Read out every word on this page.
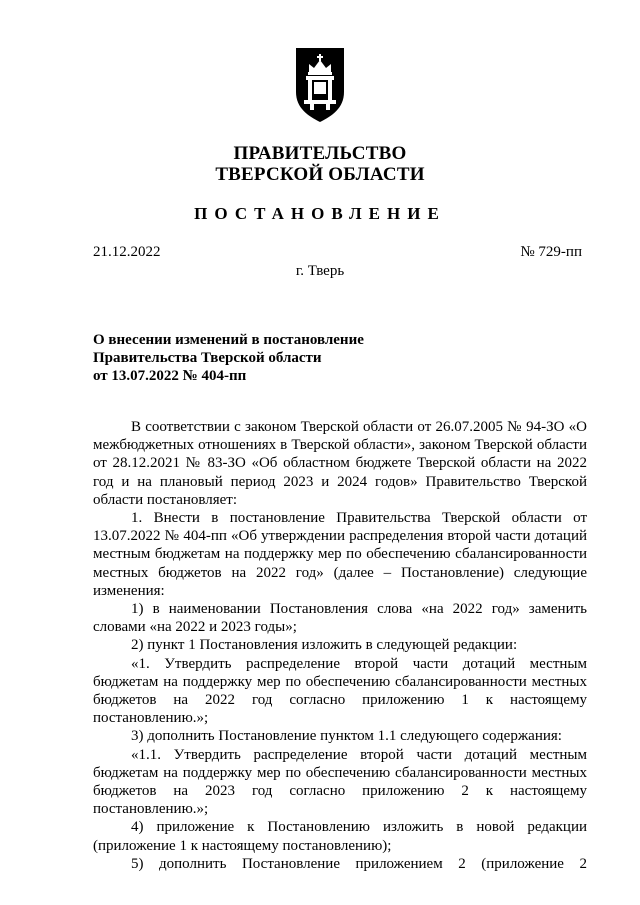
ПРАВИТЕЛЬСТВО
ТВЕРСКОЙ ОБЛАСТИ
ПОСТАНОВЛЕНИЕ
21.12.2022	№ 729-пп
г. Тверь
О внесении изменений в постановление
Правительства Тверской области
от 13.07.2022 № 404-пп

В соответствии с законом Тверской области от 26.07.2005 № 94-ЗО «О межбюджетных отношениях в Тверской области», законом Тверской области от 28.12.2021 № 83-ЗО «Об областном бюджете Тверской области на 2022 год и на плановый период 2023 и 2024 годов» Правительство Тверской области постановляет:

1. Внести в постановление Правительства Тверской области от 13.07.2022 № 404-пп «Об утверждении распределения второй части дотаций местным бюджетам на поддержку мер по обеспечению сбалансированности местных бюджетов на 2022 год» (далее – Постановление) следующие изменения:

1) в наименовании Постановления слова «на 2022 год» заменить словами «на 2022 и 2023 годы»;

2) пункт 1 Постановления изложить в следующей редакции:

«1. Утвердить распределение второй части дотаций местным бюджетам на поддержку мер по обеспечению сбалансированности местных бюджетов на 2022 год согласно приложению 1 к настоящему постановлению.»;

3) дополнить Постановление пунктом 1.1 следующего содержания:

«1.1. Утвердить распределение второй части дотаций местным бюджетам на поддержку мер по обеспечению сбалансированности местных бюджетов на 2023 год согласно приложению 2 к настоящему постановлению.»;

4) приложение к Постановлению изложить в новой редакции (приложение 1 к настоящему постановлению);

5) дополнить Постановление приложением 2 (приложение 2
